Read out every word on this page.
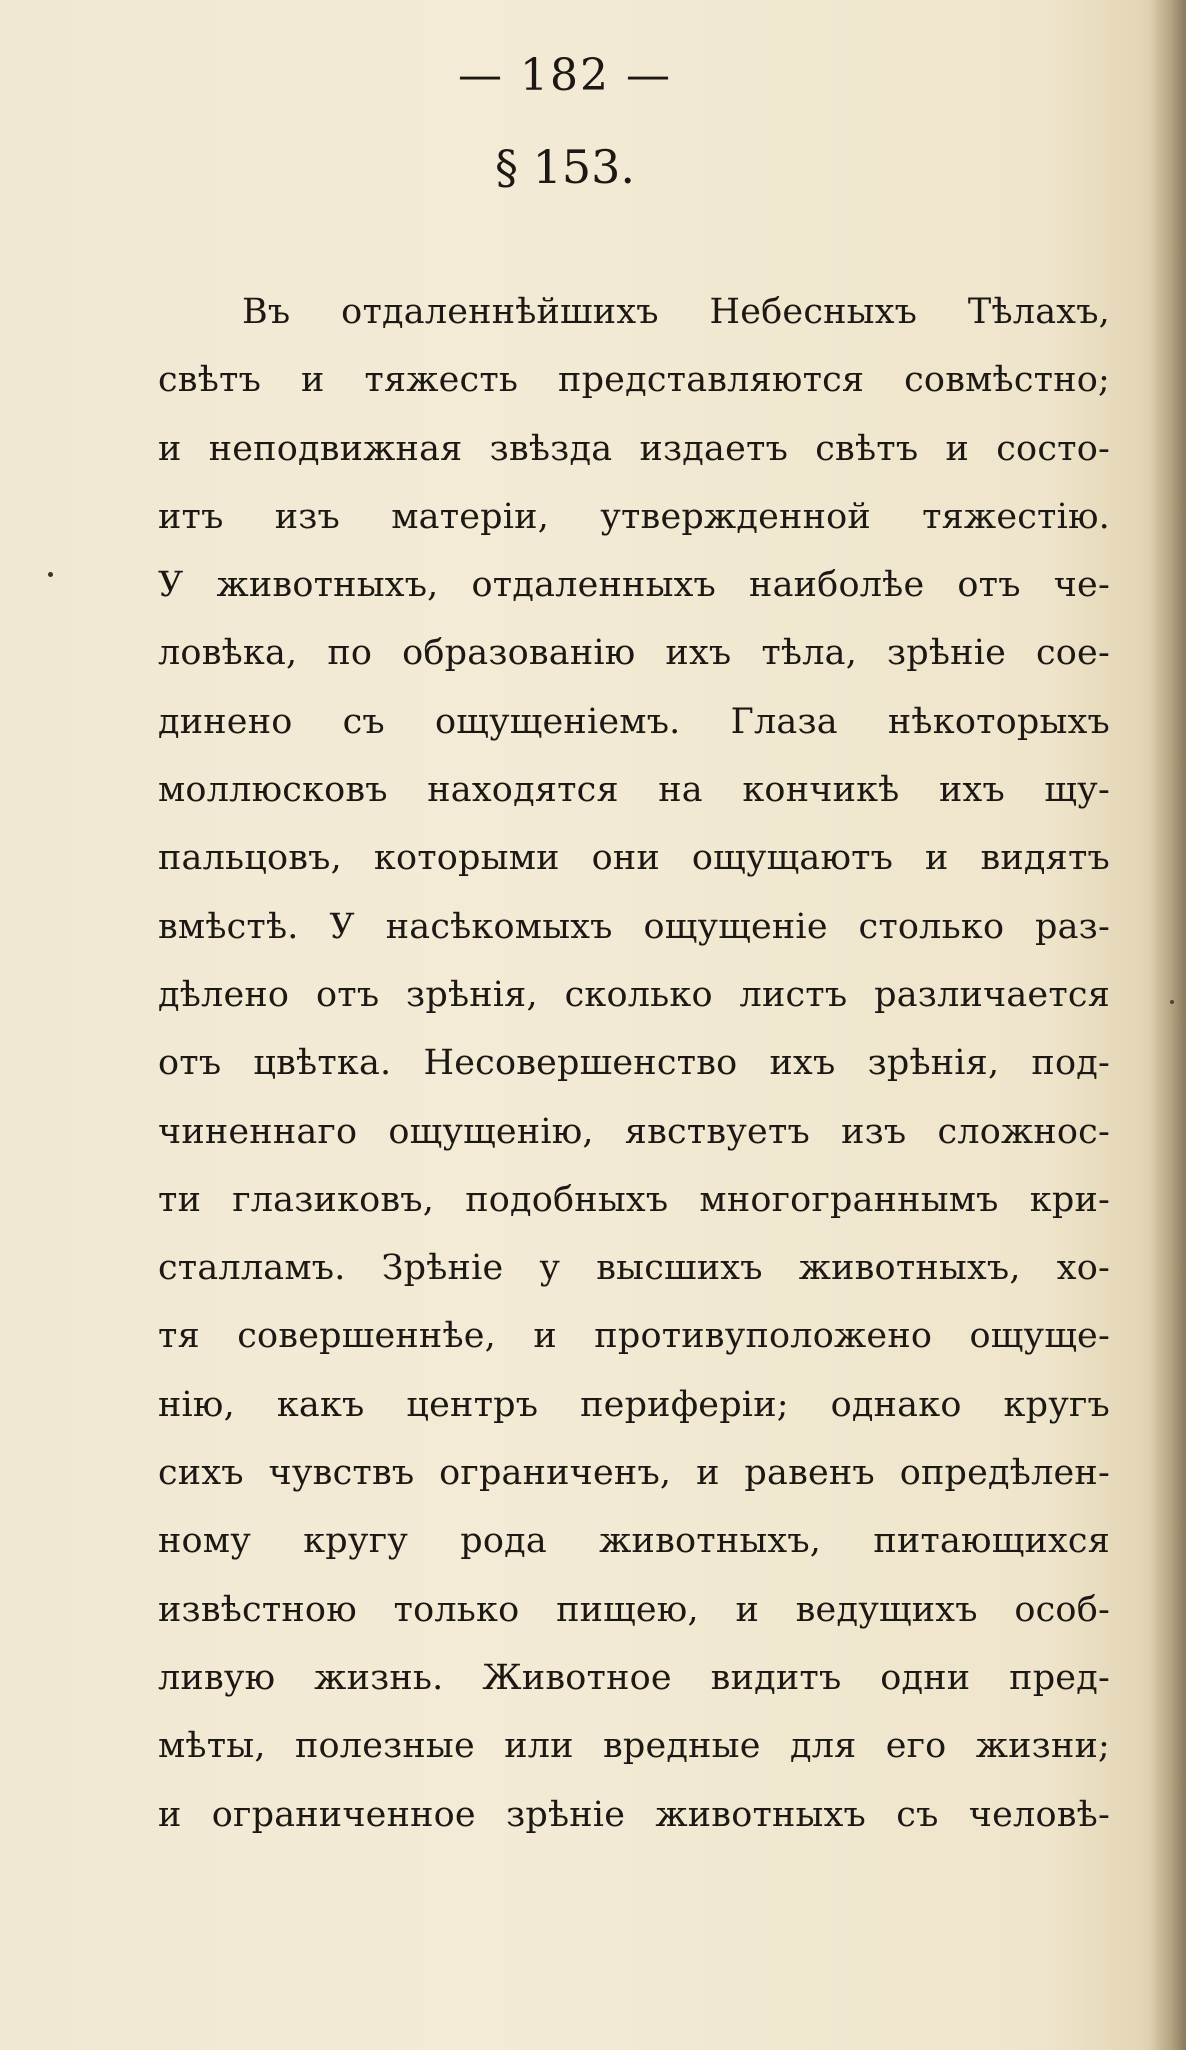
— 182 —
§ 153.
Въ отдаленнѣйшихъ Небесныхъ Тѣлахъ,
свѣтъ и тяжесть представляются совмѣстно;
и неподвижная звѣзда издаетъ свѣтъ и состо-
итъ изъ матерiи, утвержденной тяжестiю.
У животныхъ, отдаленныхъ наиболѣе отъ че-
ловѣка, по образованiю ихъ тѣла, зрѣнiе сое-
динено съ ощущенiемъ. Глаза нѣкоторыхъ
моллюсковъ находятся на кончикѣ ихъ щу-
пальцовъ, которыми они ощущаютъ и видятъ
вмѣстѣ. У насѣкомыхъ ощущенiе столько раз-
дѣлено отъ зрѣнiя, сколько листъ различается
отъ цвѣтка. Несовершенство ихъ зрѣнiя, под-
чиненнаго ощущенiю, явствуетъ изъ сложнос-
ти глазиковъ, подобныхъ многограннымъ кри-
сталламъ. Зрѣнiе у высшихъ животныхъ, хо-
тя совершеннѣе, и противуположено ощуще-
нiю, какъ центръ периферiи; однако кругъ
сихъ чувствъ ограниченъ, и равенъ опредѣлен-
ному кругу рода животныхъ, питающихся
извѣстною только пищею, и ведущихъ особ-
ливую жизнь. Животное видитъ одни пред-
мѣты, полезные или вредные для его жизни;
и ограниченное зрѣнiе животныхъ съ человѣ-
